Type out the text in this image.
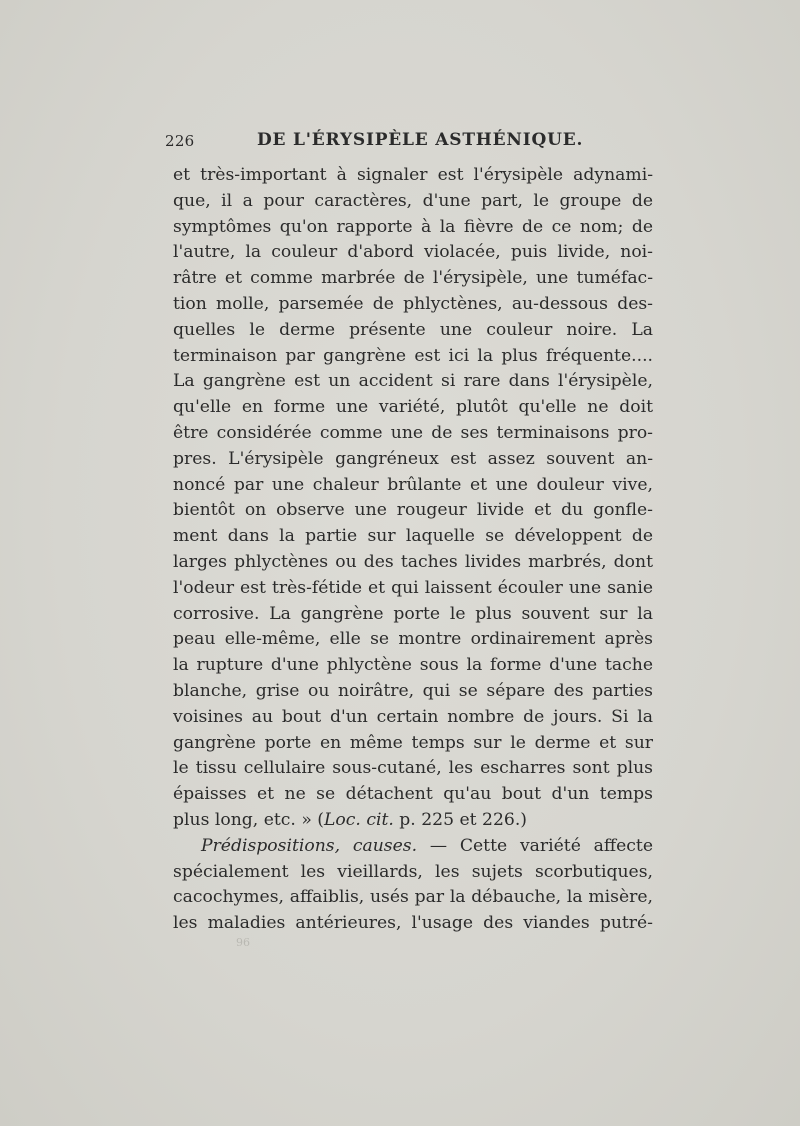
226	DE L'ÉRYSIPÈLE ASTHÉNIQUE.
et très-important à signaler est l'érysipèle adynami-
que, il a pour caractères, d'une part, le groupe de
symptômes qu'on rapporte à la fièvre de ce nom; de
l'autre, la couleur d'abord violacée, puis livide, noi-
râtre et comme marbrée de l'érysipèle, une tuméfac-
tion molle, parsemée de phlyctènes, au-dessous des-
quelles le derme présente une couleur noire. La
terminaison par gangrène est ici la plus fréquente....
La gangrène est un accident si rare dans l'érysipèle,
qu'elle en forme une variété, plutôt qu'elle ne doit
être considérée comme une de ses terminaisons pro-
pres. L'érysipèle gangréneux est assez souvent an-
noncé par une chaleur brûlante et une douleur vive,
bientôt on observe une rougeur livide et du gonfle-
ment dans la partie sur laquelle se développent de
larges phlyctènes ou des taches livides marbrés, dont
l'odeur est très-fétide et qui laissent écouler une sanie
corrosive. La gangrène porte le plus souvent sur la
peau elle-même, elle se montre ordinairement après
la rupture d'une phlyctène sous la forme d'une tache
blanche, grise ou noirâtre, qui se sépare des parties
voisines au bout d'un certain nombre de jours. Si la
gangrène porte en même temps sur le derme et sur
le tissu cellulaire sous-cutané, les escharres sont plus
épaisses et ne se détachent qu'au bout d'un temps
plus long, etc. » (Loc. cit. p. 225 et 226.)
Prédispositions, causes. — Cette variété affecte
spécialement les vieillards, les sujets scorbutiques,
cacochymes, affaiblis, usés par la débauche, la misère,
les maladies antérieures, l'usage des viandes putré-
96
